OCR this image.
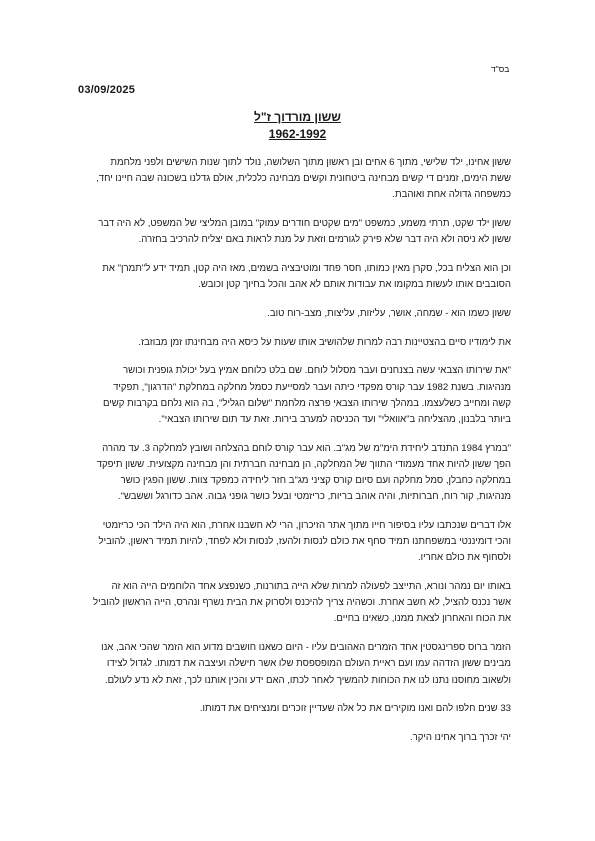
בס"ד
03/09/2025
ששון מורדוך ז"ל
1962-1992

ששון אחינו, ילד שלישי, מתוך 6 אחים ובן ראשון מתוך השלושה, נולד לתוך שנות השישים ולפני מלחמת ששת הימים, זמנים די קשים מבחינה ביטחונית וקשים מבחינה כלכלית, אולם גדלנו בשכונה שבה חיינו יחד, כמשפחה גדולה אחת ואוהבת.

ששון ילד שקט, תרתי משמע, כמשפט "מים שקטים חודרים עמוק" במובן המליצי של המשפט, לא היה דבר ששון לא ניסה ולא היה דבר שלא פירק לגורמים וזאת על מנת לראות באם יצליח להרכיב בחזרה.

וכן הוא הצליח בכל, סקרן מאין כמותו, חסר פחד ומוטיבציה בשמים, מאז היה קטן, תמיד ידע ל"תמרן" את הסובבים אותו לעשות במקומו את עבודות אותם לא אהב והכל בחיוך קטן וכובש.

ששון כשמו הוא - שמחה, אושר, עליזות, עליצות, מצב-רוח טוב.

את לימודיו סיים בהצטיינות רבה למרות שלהושיב אותו שעות על כיסא היה מבחינתו זמן מבוזבז.

"את שירותו הצבאי עשה בצנחנים ועבר מסלול לוחם. שם בלט כלוחם אמיץ בעל יכולת גופנית וכושר מנהיגות. בשנת 1982 עבר קורס מפקדי כיתה ועבר למסייעת כסמל מחלקה במחלקת "הדרגון", תפקיד קשה ומחייב כשלעצמו. במהלך שירותו הצבאי פרצה מלחמת "שלום הגליל", בה הוא נלחם בקרבות קשים ביותר בלבנון, מהצליחה ב"אוואלי" ועד הכניסה למערב בירות. זאת עד תום שירותו הצבאי".

"במרץ 1984 התנדב ליחידת הימ"מ של מג"ב. הוא עבר קורס לוחם בהצלחה ושובץ למחלקה 3. עד מהרה הפך ששון להיות אחד מעמודי התווך של המחלקה, הן מבחינה חברתית והן מבחינה מקצועית. ששון תיפקד במחלקה כחבלן, סמל מחלקה ועם סיום קורס קציני מג"ב חזר ליחידה כמפקד צוות. ששון הפגין כושר מנהיגות, קור רוח, חברותיות, והיה אוהב בריות, כריזמטי ובעל כושר גופני גבוה. אהב כדורגל וששבש".

אלו דברים שנכתבו עליו בסיפור חייו מתוך אתר הזיכרון, הרי לא חשבנו אחרת, הוא היה הילד הכי כריזמטי והכי דומיננטי במשפחתנו תמיד סחף את כולם לנסות ולהעז, לנסות ולא לפחד, להיות תמיד ראשון, להוביל ולסחוף את כולם אחריו.

באותו יום נמהר ונורא, התייצב לפעולה למרות שלא הייה בתורנות, כשנפצע אחד הלוחמים הייה הוא זה אשר נכנס להציל, לא חשב אחרת. וכשהיה צריך להיכנס ולסרוק את הבית נשרף ונהרס, הייה הראשון להוביל את הכוח והאחרון לצאת ממנו, כשאינו בחיים.

הזמר ברוס ספרינגסטין אחד הזמרים האהובים עליו - היום כשאנו חושבים מדוע הוא הזמר שהכי אהב, אנו מבינים ששון הזדהה עמו ועם ראיית העולם המופספסת שלו אשר חישלה ועיצבה את דמותו. לגדול לצידו ולשאוב מחוסנו נתנו לנו את הכוחות להמשיך לאחר לכתו, האם ידע והכין אותנו לכך, זאת לא נדע לעולם.

33 שנים חלפו להם ואנו מוקירים את כל אלה שעדיין זוכרים ומנציחים את דמותו.

יהי זכרך ברוך אחינו היקר.
